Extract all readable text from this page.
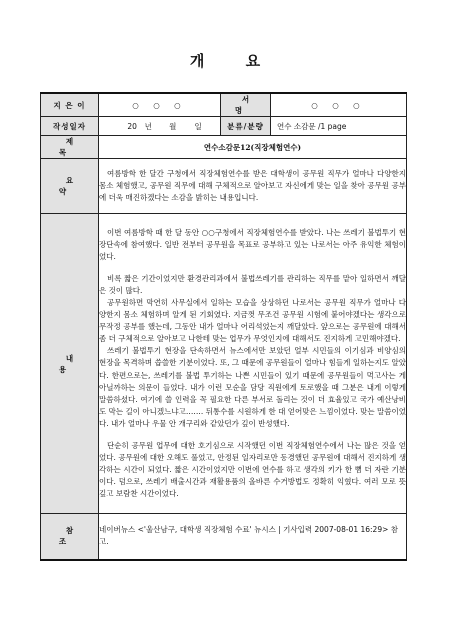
개 요
지 은 이	○ ○ ○	서 명	○ ○ ○
작성일자	20 년 월 일	분류/분량	연수 소감문 /1 page
제 목	연수소감문12(직장체험연수)		
요 약	여름방학 한 달간 구청에서 직장체험연수를 받은 대학생이 공무원 직무가 얼마나 다양한지 몸소 체험했고, 공무원 직무에 대해 구체적으로 알아보고 자신에게 맞는 일을 찾아 공무원 공부에 더욱 매진하겠다는 소감을 밝히는 내용입니다.		

내 용	이번 여름방학 때 한 달 동안 ○○구청에서 직장체험연수를 받았다. 나는 쓰레기 불법투기 현장단속에 참여했다. 일반 전부터 공무원을 목표로 공부하고 있는 나로서는 아주 유익한 체험이었다.

비록 짧은 기간이었지만 환경관리과에서 불법쓰레기를 관리하는 직무를 맡아 일하면서 깨달은 것이 많다.

공무원하면 막연히 사무실에서 일하는 모습을 상상하던 나로서는 공무원 직무가 얼마나 다양한지 몸소 체험하며 알게 된 기회였다. 지금껏 무조건 공무원 시험에 붙어야겠다는 생각으로 무작정 공부를 했는데, 그동안 내가 얼마나 어리석었는지 깨달았다. 앞으로는 공무원에 대해서 좀 더 구체적으로 알아보고 나한테 맞는 업무가 무엇인지에 대해서도 진지하게 고민해야겠다.

쓰레기 불법투기 현장을 단속하면서 뉴스에서만 보았던 얼부 시민들의 이기심과 비양심의 현장을 목격하며 씁쓸한 기분이었다. 또, 그 때문에 공무원들이 얼마나 힘들게 일하는지도 알았다. 한편으로는, 쓰레기를 불법 투기하는 나쁜 시민들이 있기 때문에 공무원들이 먹고사는 게 아닐까하는 의문이 들었다. 내가 이런 모순을 담당 직원에게 토로했을 때 그분은 내게 이렇게 말씀하셨다. 여기에 쓸 인력을 꼭 필요한 다른 부서로 돌리는 것이 더 효율있고 국가 예산낭비도 막는 길이 아니겠느냐고……. 뒤통수를 시원하게 한 대 얻어맞은 느낌이었다. 맞는 말씀이었다. 내가 얼마나 우물 안 개구리와 같았던가 깊이 반성했다.

단순히 공무원 업무에 대한 호기심으로 시작했던 이번 직장체험연수에서 나는 많은 것을 얻었다. 공무원에 대한 오해도 풀었고, 안정된 일자리로만 동경했던 공무원에 대해서 진지하게 생각하는 시간이 되었다. 짧은 시간이었지만 이번에 연수를 하고 생각의 키가 한 뼘 더 자란 기분이다. 덤으로, 쓰레기 배출시간과 재활용품의 올바른 수거방법도 정확히 익혔다. 여러 모로 뜻 깊고 보람찬 시간이었다.		

참 조	네이버뉴스 <'울산남구, 대학생 직장체험 수료' 뉴시스 | 기사입력 2007-08-01 16:29> 참고.		
